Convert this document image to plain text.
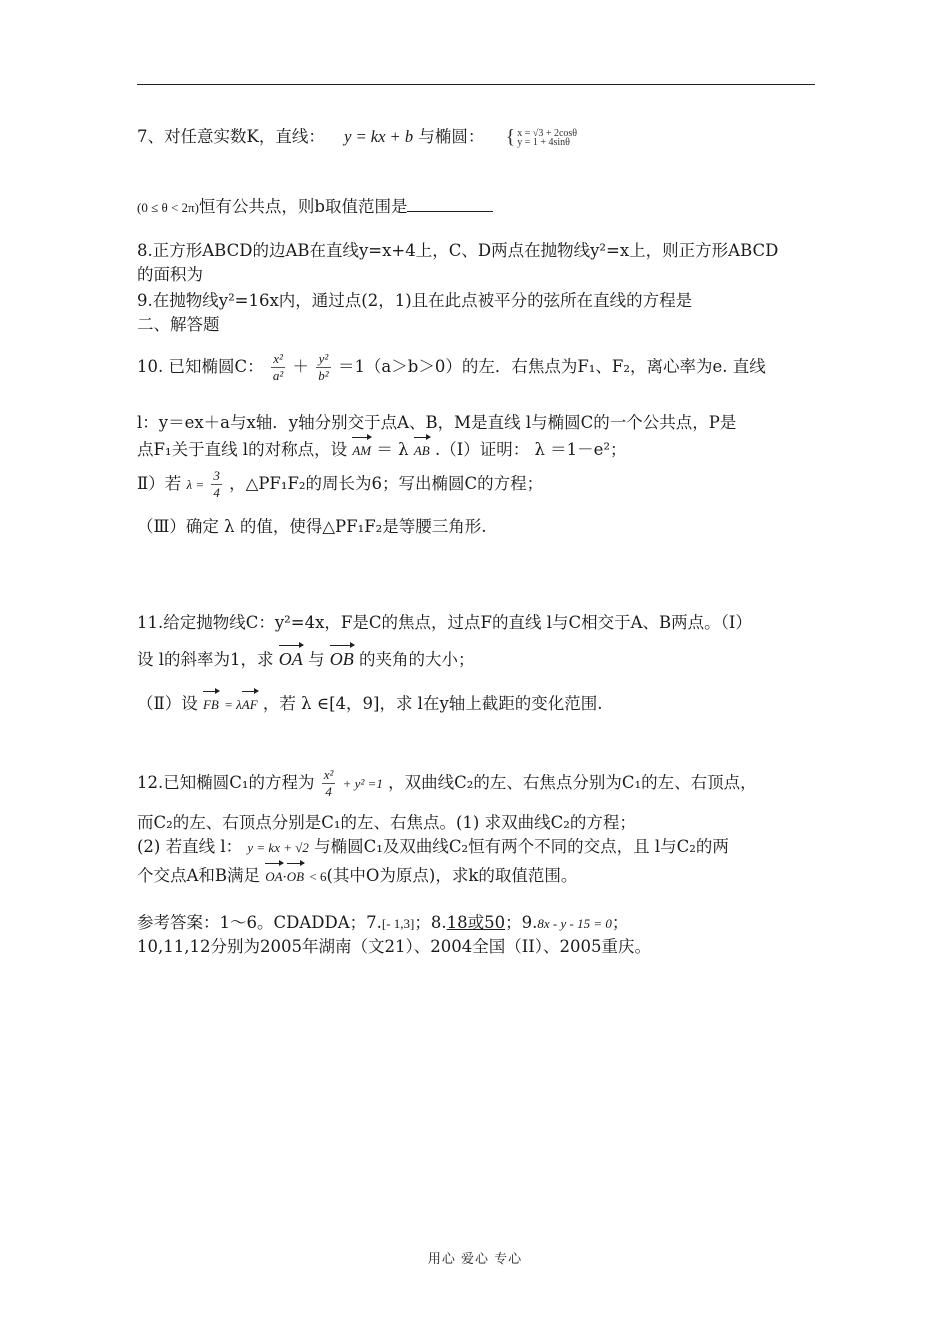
7、对任意实数K，直线： y = kx + b 与椭圆： { x = √3 + 2cosθ
y = 1 + 4sinθ
(0 ≤ θ < 2π)恒有公共点，则b取值范围是
8.正方形ABCD的边AB在直线y=x+4上，C、D两点在抛物线y²=x上，则正方形ABCD
的面积为
9.在抛物线y²=16x内，通过点(2，1)且在此点被平分的弦所在直线的方程是
二、解答题
10. 已知椭圆C： $\frac{\text{x²}}{\text{a²}} + \frac{\text{y²}}{\text{b²}} =1(a>b>0)$的左．右焦点为F₁、F₂，离心率为e. 直线
l：y＝ex＋a与x轴．y轴分别交于点A、B，M是直线 l与椭圆C的一个公共点，P是
点F₁关于直线 l的对称点，设 AM ＝ λ AB .（Ⅰ）证明： λ ＝1－e²；
Ⅱ）若 $\lambda = \frac{3}{4}$ ，△PF₁F₂的周长为6；写出椭圆C的方程；
（Ⅲ）确定 λ 的值，使得△PF₁F₂是等腰三角形.
11.给定抛物线C：y²=4x，F是C的焦点，过点F的直线 l与C相交于A、B两点。（Ⅰ）
设 l的斜率为1，求 OA 与 OB 的夹角的大小；
（Ⅱ）设 FB = λAF ，若 λ ∈[4，9]，求 l在y轴上截距的变化范围.
12.已知椭圆C₁的方程为 $\frac{\text{x²}}{4} + y^2 =1$ ，双曲线C₂的左、右焦点分别为C₁的左、右顶点，
而C₂的左、右顶点分别是C₁的左、右焦点。(1) 求双曲线C₂的方程；
(2) 若直线 l： y = kx + √2 与椭圆C₁及双曲线C₂恒有两个不同的交点，且 l与C₂的两
个交点A和B满足 OA·OB < 6(其中O为原点)，求k的取值范围。
参考答案：1～6。CDADDA；7.[- 1,3]；8.18或50；9.8x - y - 15 = 0；
10,11,12分别为2005年湖南（文21）、2004全国（II）、2005重庆。
用心 爱心 专心
